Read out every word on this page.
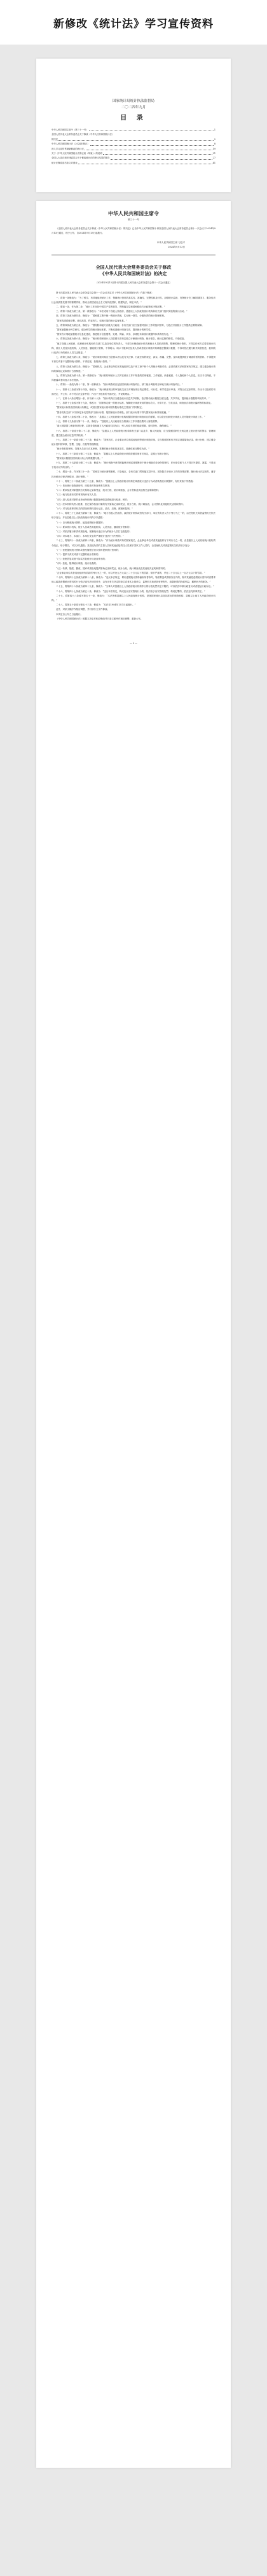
新修改《统计法》学习宣传资料
国家统计局统计执法监督局
二〇二四年九月
目 录
中华人民共和国主席令（第三十一号）	1
全国人民代表大会常务委员会关于修改《中华人民共和国统计法》
的决定	2
中华人民共和国统计法（2024年修正）	8
深入学习宣传贯彻新修改的统计法	19
关于《中华人民共和国统计法修正案（草案）》的说明	21
全国人大宪法和法律委员会关于修改统计法的审议结果的报告	27
统计法修改前后条文对照表	41
中华人民共和国主席令
第三十一号

《全国人民代表大会常务委员会关于修改〈中华人民共和国统计法〉的决定》已由中华人民共和国第十四届全国人民代表大会常务委员会第十一次会议于2024年9月13日通过，现予公布，自2024年9月13日起施行。

中华人民共和国主席 习近平
2024年9月13日
全国人民代表大会常务委员会关于修改
《中华人民共和国统计法》的决定
（2024年9月13日第十四届全国人民代表大会常务委员会第十一次会议通过）

第十四届全国人民代表大会常务委员会第十一次会议决定对《中华人民共和国统计法》作如下修改：

一、将第一条修改为：“为了科学、有效地组织统计工作，保障统计资料的真实性、准确性、完整性和及时性，加强统计监督，发挥统计在了解国情国力、服务经济社会高质量发展中的重要作用，推动全面建设社会主义现代化国家，根据宪法，制定本法。”

二、增加一条，作为第二条：“统计工作坚持中国共产党的领导，贯彻落实党和国家路线方针政策和决策部署。”

三、将第二条改为第三条，第一款修改为：“本法适用于各级人民政府、县级以上人民政府统计机构和有关部门组织实施的统计活动。”

四、将第三条改为第四条，修改为：“国家建立集中统一的统计系统，实行统一领导、分级负责的统计管理体制。

“国家构建系统完整、协同高效、约束有力、权威可靠的统计监督体系。”

五、将第四条改为第五条，修改为：“国务院和地方各级人民政府、各有关部门应当加强对统计工作的组织领导，为依法开展统计工作提供必要的保障。

“国家加强统计科学研究，健全科学的统计指标体系，不断改进统计调查方法，提高统计的科学性。

“国家有计划地加强统计信息化建设，推进统计信息搜集、处理、传输、共享、存储技术和统计数据库体系的现代化。”

六、将第五条改为第六条，修改为：“统计机构和统计人员依照本法规定独立行使统计调查、统计报告、统计监督的职权，不受侵犯。

“地方各级人民政府、政府统计机构和有关部门以及各单位的负责人，不得自行修改统计机构和统计人员依法搜集、整理的统计资料，不得以任何方式要求统计机构、统计人员及其他机构、人员伪造、篡改统计资料，不得明示、暗示下级单位及其人员或者统计调查对象填报虚假统计数据，不得对依法履行职责或者拒绝、抵制统计违法行为的统计人员打击报复。”

七、将第七条改为第八条，修改为：“统计调查对象应当依照本法以及有关法律、行政法规的规定，真实、准确、完整、及时地提供统计调查所需的资料，不得提供不真实或者不完整的统计资料，不得迟报、拒报统计资料。”

八、将第八条改为第九条，修改为：“国家机关、企业事业单位和其他组织以及个体工商户和个人等统计调查对象，必须依照本法和国家有关规定，建立健全统计资料的原始记录和统计台账制度。”

九、将第九条改为第十条，第一款修改为：“统计机构和统计人员对在统计工作中知悉的国家秘密、工作秘密、商业秘密、个人隐私和个人信息，应当予以保密，不得泄露或者向他人非法提供。”

十、将第十一条改为第十二条，第一款修改为：“统计调查项目包括国家统计调查项目、部门统计调查项目和地方统计调查项目。”

十一、将第十三条改为第十四条，修改为：“统计调查项目的审批机关应当对调查项目的必要性、可行性、科学性进行审查，对符合法定条件的，作出予以批准的书面决定，并公布；对不符合法定条件的，作出不予批准的书面决定，并说明理由。”

十二、在第十六条后增加一条，作为第十八条：“统计机构应当健全统计信息共享机制，依法推动统计数据互联互通、共享共用，提高统计数据的利用效率。”

十三、将第十七条改为第十九条，修改为：“国家制定统一的统计标准，保障统计调查采用的指标含义、计算方法、分类目录、调查表式和统计编码等的标准化。

“国家统计标准由国家统计局制定，或者由国家统计局和国务院标准化主管部门共同制定。

“国务院有关部门可以制定补充性的部门统计标准，报国家统计局审批。部门统计标准不得与国家统计标准相抵触。”

十四、将第十八条改为第二十条，修改为：“县级以上人民政府统计机构根据国家统计调查项目的需要，可以依法组织统计调查人员开展统计调查工作。”

十五、将第十九条改为第二十一条，修改为：“县级以上人民政府应当将统计工作所需经费列入财政预算。

“重大国情国力调查所需经费，由国务院和地方人民政府共同负担，列入相应年度的财政预算，按时拨付，确保到位。”

十六、将第二十条改为第二十二条，修改为：“县级以上人民政府统计机构和有关部门以及乡、镇人民政府，应当按照国家有关规定建立统计资料的保存、管理制度，建立健全统计信息共享机制。”

十七、将第二十一条改为第二十三条，修改为：“国家机关、企业事业单位和其他组织等统计调查对象，应当按照国家有关规定设置原始记录、统计台账，建立健全统计资料的审核、签署、交接、归档等管理制度。

“统计资料的审核、签署人员应当对其审核、签署的统计资料的真实性、准确性和完整性负责。”

十八、将第二十三条改为第二十五条，修改为：“县级以上人民政府统计机构按照国家有关规定，定期公布统计资料。

“国家统计数据以国家统计局公布的数据为准。”

十九、将第二十五条改为第二十七条，修改为：“统计调查中获得的能够识别或者推断单个统计调查对象身份的资料，任何单位和个人不得对外提供、泄露，不得用于统计以外的目的。”

二十、增加一条，作为第三十一条：“国家实行统计督察制度，对各地区、各有关部门贯彻落实党中央、国务院关于统计工作的决策部署，履行统计法定职责，遵守执行统计法律法规情况，进行督察。”

二十一、将第三十二条改为第三十五条，修改为：“县级以上人民政府统计机构在调查统计违法行为或者核查统计数据时，有权采取下列措施：

“（一）发出统计检查查询书，向检查对象查询有关事项；

“（二）要求检查对象提供有关原始记录和凭证、统计台账、统计调查表、会计资料及其他相关证明和资料；

“（三）就与检查有关的事项询问有关人员；

“（四）进入检查对象的业务场所和统计数据处理信息系统进行检查、核对；

“（五）经本机构负责人批准，登记保存检查对象的有关原始记录和凭证、统计台账、统计调查表、会计资料及其他相关证明和资料；

“（六）对与检查事项有关的情况和资料进行记录、录音、录像、照相和复制。”

二十二、将第三十七条改为第四十条，修改为：“地方各级人民政府、政府统计机构或者有关部门、单位的负责人有下列行为之一的，由任免机关或者监察机关依法给予处分，并由县级以上人民政府统计机构予以通报：

“（一）自行修改统计资料、编造虚假统计数据的；

“（二）要求统计机构、统计人员或者其他机构、人员伪造、篡改统计资料的；

“（三）对依法履行职责或者拒绝、抵制统计违法行为的统计人员打击报复的；

“（四）对本地方、本部门、本单位发生的严重统计违法行为失察的。”

二十三、将第四十一条改为第四十四条，修改为：“作为统计调查对象的国家机关、企业事业单位或者其他组织有下列行为之一的，由县级以上人民政府统计机构责令改正，给予警告，可以予以通报；其直接负责的主管人员和其他直接责任人员属于国家工作人员的，由任免机关或者监察机关依法给予处分：

“（一）拒绝提供统计资料或者经催报后仍未按时提供统计资料的；

“（二）提供不真实或者不完整的统计资料的；

“（三）拒绝答复或者不如实答复统计检查查询书的；

“（四）拒绝、阻碍统计调查、统计检查的；

“（五）转移、隐匿、篡改、毁弃或者拒绝提供原始记录和凭证、统计台账、统计调查表及其他相关证明和资料的。

“企业事业单位或者其他组织有前款所列行为之一的，可以并处五万元以上二十万元以下的罚款；情节严重的，并处二十万元以上一百万元以下的罚款。”

二十四、将第四十五条改为第四十八条，修改为：“违反本法规定，利用虚假统计资料骗取荣誉称号、物质利益或者职务晋升的，除对其编造虚假统计资料或者要求他人编造虚假统计资料的行为依法追究法律责任外，由作出有关决定的单位或者其上级单位、监察机关取消其荣誉称号，追缴获得的物质利益，撤销晋升的职务。”

二十五、将第四十六条改为第四十九条，修改为：“当事人对县级以上人民政府统计机构作出的行政处罚决定不服的，可以依法申请行政复议或者提起行政诉讼。”

二十六、将第四十七条改为第五十条，修改为：“违反本法规定，构成违反治安管理行为的，依法给予治安管理处罚；构成犯罪的，依法追究刑事责任。”

二十七、将第四十八条改为第五十一条，修改为：“本法所称县级以上人民政府统计机构，是指国家统计局及其派出的调查机构、县级以上地方人民政府统计机构。”

二十八、将第五十条改为第五十三条，修改为：“本法自1984年1月1日起施行。”

此外，对条文顺序作相应调整，并对部分文字作修改。

本决定自公布之日起施行。

《中华人民共和国统计法》根据本决定作相应修改并对条文顺序作相应调整，重新公布。

— 2 —
